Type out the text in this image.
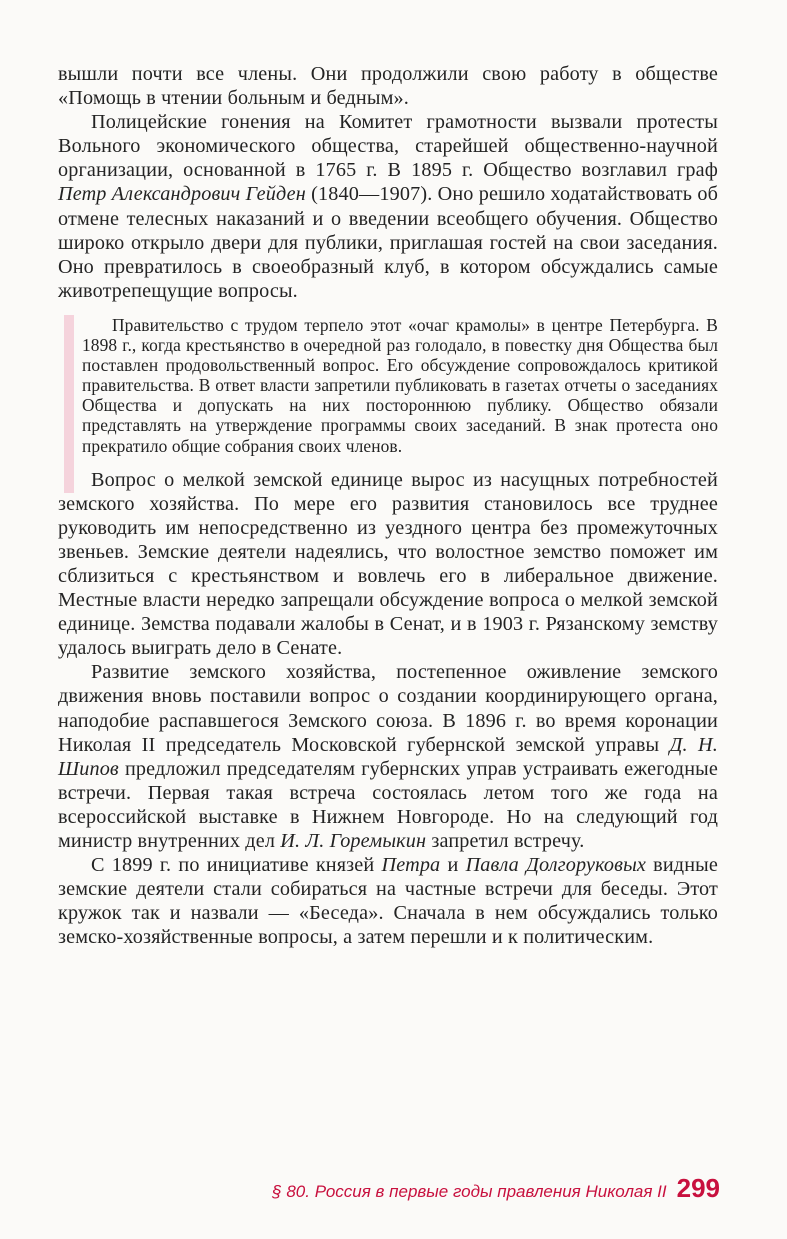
вышли почти все члены. Они продолжили свою работу в обществе «Помощь в чтении больным и бедным».

Полицейские гонения на Комитет грамотности вызвали протесты Вольного экономического общества, старейшей общественно-научной организации, основанной в 1765 г. В 1895 г. Общество возглавил граф Петр Александрович Гейден (1840—1907). Оно решило ходатайствовать об отмене телесных наказаний и о введении всеобщего обучения. Общество широко открыло двери для публики, приглашая гостей на свои заседания. Оно превратилось в своеобразный клуб, в котором обсуждались самые животрепещущие вопросы.

Правительство с трудом терпело этот «очаг крамолы» в центре Петербурга. В 1898 г., когда крестьянство в очередной раз голодало, в повестку дня Общества был поставлен продовольственный вопрос. Его обсуждение сопровождалось критикой правительства. В ответ власти запретили публиковать в газетах отчеты о заседаниях Общества и допускать на них постороннюю публику. Общество обязали представлять на утверждение программы своих заседаний. В знак протеста оно прекратило общие собрания своих членов.

Вопрос о мелкой земской единице вырос из насущных потребностей земского хозяйства. По мере его развития становилось все труднее руководить им непосредственно из уездного центра без промежуточных звеньев. Земские деятели надеялись, что волостное земство поможет им сблизиться с крестьянством и вовлечь его в либеральное движение. Местные власти нередко запрещали обсуждение вопроса о мелкой земской единице. Земства подавали жалобы в Сенат, и в 1903 г. Рязанскому земству удалось выиграть дело в Сенате.

Развитие земского хозяйства, постепенное оживление земского движения вновь поставили вопрос о создании координирующего органа, наподобие распавшегося Земского союза. В 1896 г. во время коронации Николая II председатель Московской губернской земской управы Д. Н. Шипов предложил председателям губернских управ устраивать ежегодные встречи. Первая такая встреча состоялась летом того же года на всероссийской выставке в Нижнем Новгороде. Но на следующий год министр внутренних дел И. Л. Горемыкин запретил встречу.

С 1899 г. по инициативе князей Петра и Павла Долгоруковых видные земские деятели стали собираться на частные встречи для беседы. Этот кружок так и назвали — «Беседа». Сначала в нем обсуждались только земско-хозяйственные вопросы, а затем перешли и к политическим.

§ 80. Россия в первые годы правления Николая II 299
